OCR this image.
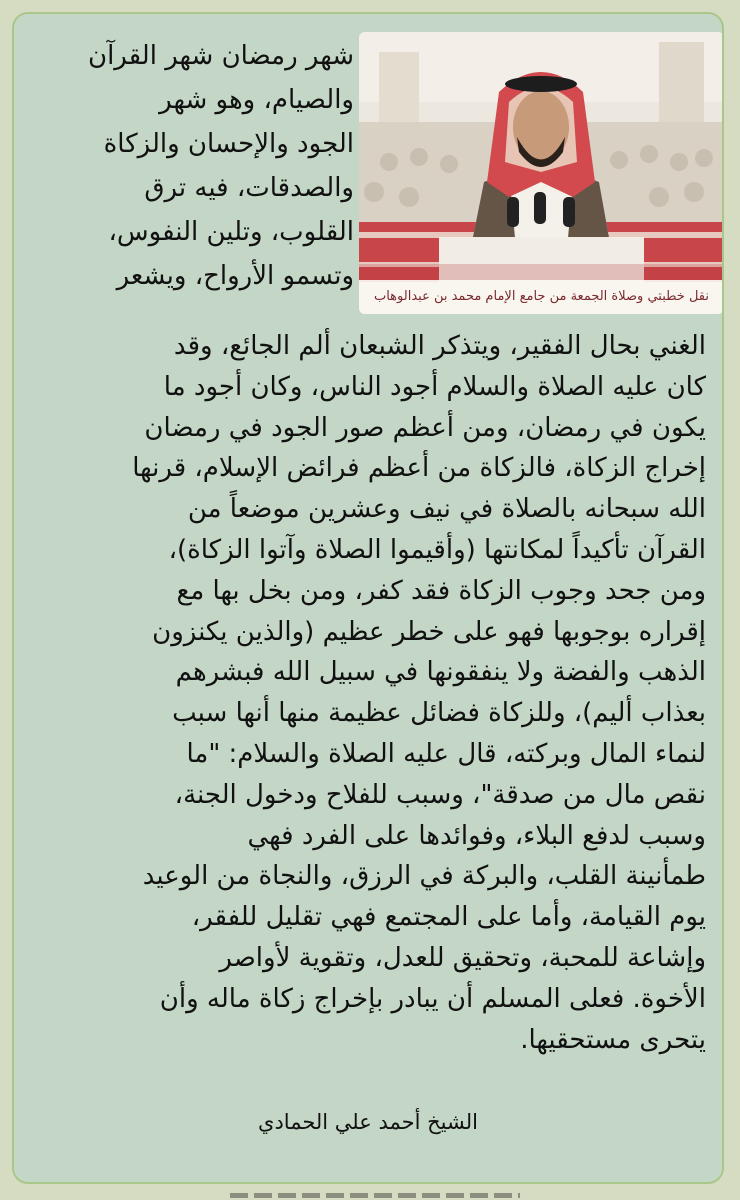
نقل خطبتي وصلاة الجمعة من جامع الإمام محمد بن عبدالوهاب
شهر رمضان شهر القرآن
والصيام، وهو شهر
الجود والإحسان والزكاة
والصدقات، فيه ترق
القلوب، وتلين النفوس،
وتسمو الأرواح، ويشعر
الغني بحال الفقير، ويتذكر الشبعان ألم الجائع، وقد
كان عليه الصلاة والسلام أجود الناس، وكان أجود ما
يكون في رمضان، ومن أعظم صور الجود في رمضان
إخراج الزكاة، فالزكاة من أعظم فرائض الإسلام، قرنها
الله سبحانه بالصلاة في نيف وعشرين موضعاً من
القرآن تأكيداً لمكانتها (وأقيموا الصلاة وآتوا الزكاة)،
ومن جحد وجوب الزكاة فقد كفر، ومن بخل بها مع
إقراره بوجوبها فهو على خطر عظيم (والذين يكنزون
الذهب والفضة ولا ينفقونها في سبيل الله فبشرهم
بعذاب أليم)، وللزكاة فضائل عظيمة منها أنها سبب
لنماء المال وبركته، قال عليه الصلاة والسلام: "ما
نقص مال من صدقة"، وسبب للفلاح ودخول الجنة،
وسبب لدفع البلاء، وفوائدها على الفرد فهي
طمأنينة القلب، والبركة في الرزق، والنجاة من الوعيد
يوم القيامة، وأما على المجتمع فهي تقليل للفقر،
وإشاعة للمحبة، وتحقيق للعدل، وتقوية لأواصر
الأخوة. فعلى المسلم أن يبادر بإخراج زكاة ماله وأن
يتحرى مستحقيها.
الشيخ أحمد علي الحمادي
